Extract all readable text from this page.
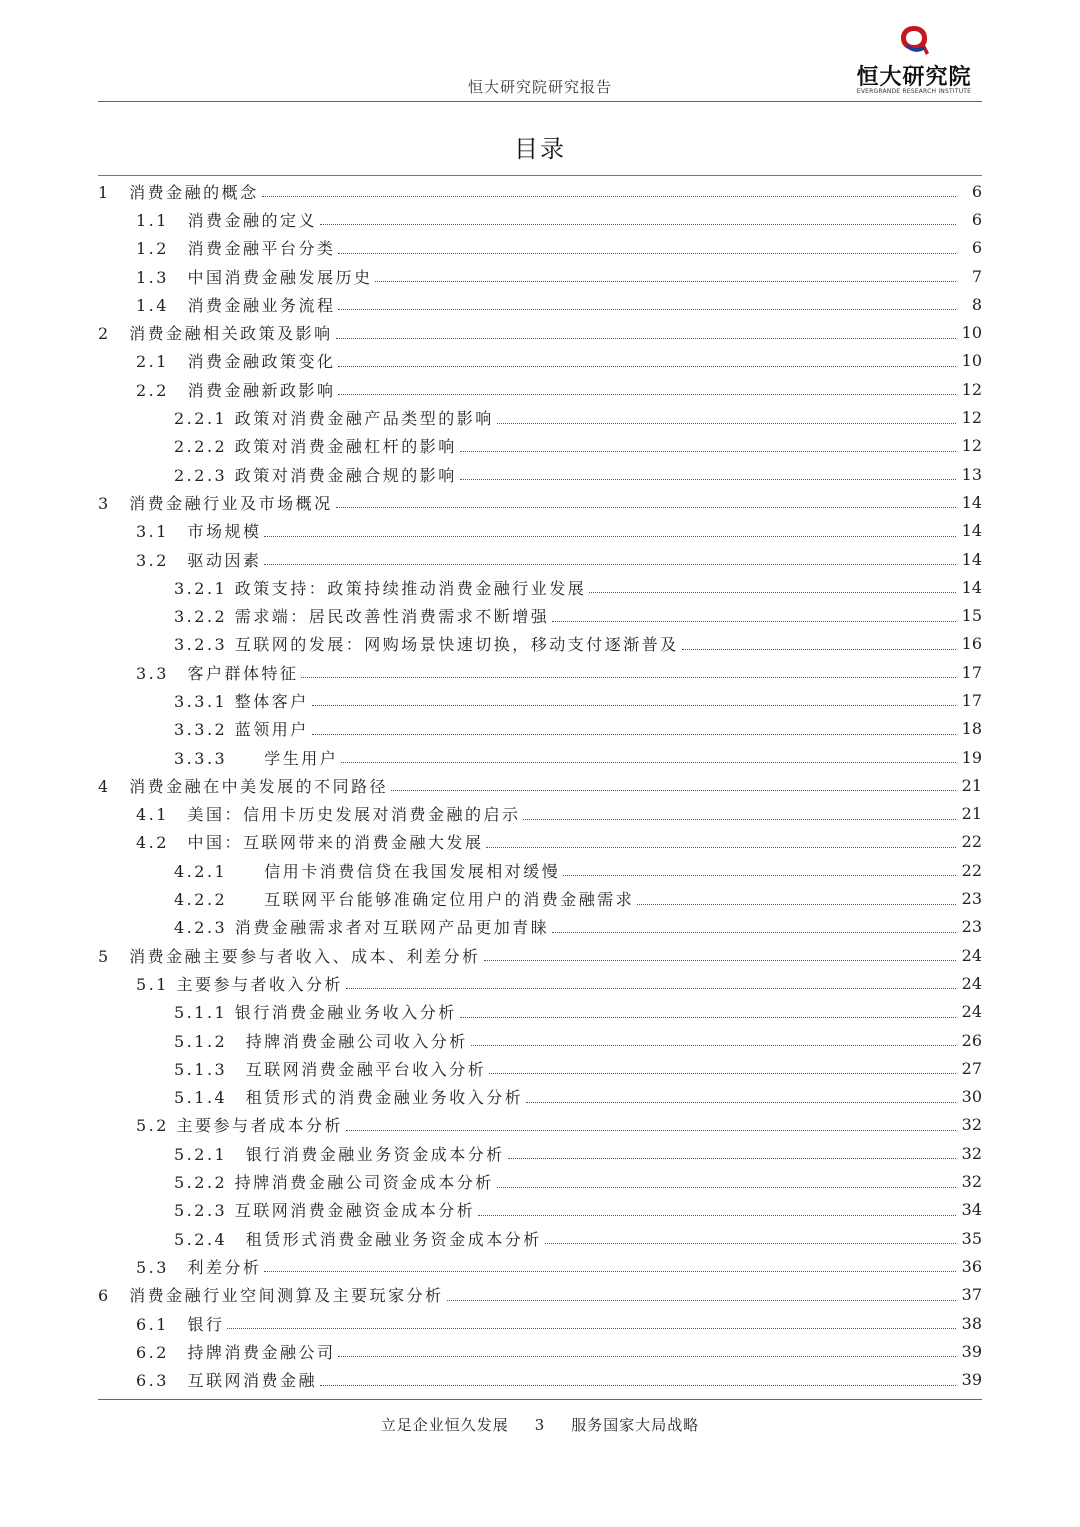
恒大研究院
EVERGRANDE RESEARCH INSTITUTE
恒大研究院研究报告
目录
1　消费金融的概念	6
1.1　消费金融的定义	6
1.2　消费金融平台分类	6
1.3　中国消费金融发展历史	7
1.4　消费金融业务流程	8
2　消费金融相关政策及影响	10
2.1　消费金融政策变化	10
2.2　消费金融新政影响	12
2.2.1 政策对消费金融产品类型的影响	12
2.2.2 政策对消费金融杠杆的影响	12
2.2.3 政策对消费金融合规的影响	13
3　消费金融行业及市场概况	14
3.1　市场规模	14
3.2　驱动因素	14
3.2.1 政策支持：政策持续推动消费金融行业发展	14
3.2.2 需求端：居民改善性消费需求不断增强	15
3.2.3 互联网的发展：网购场景快速切换，移动支付逐渐普及	16
3.3　客户群体特征	17
3.3.1 整体客户	17
3.3.2 蓝领用户	18
3.3.3　　学生用户	19
4　消费金融在中美发展的不同路径	21
4.1　美国：信用卡历史发展对消费金融的启示	21
4.2　中国：互联网带来的消费金融大发展	22
4.2.1　　信用卡消费信贷在我国发展相对缓慢	22
4.2.2　　互联网平台能够准确定位用户的消费金融需求	23
4.2.3 消费金融需求者对互联网产品更加青睐	23
5　消费金融主要参与者收入、成本、利差分析	24
5.1 主要参与者收入分析	24
5.1.1 银行消费金融业务收入分析	24
5.1.2　持牌消费金融公司收入分析	26
5.1.3　互联网消费金融平台收入分析	27
5.1.4　租赁形式的消费金融业务收入分析	30
5.2 主要参与者成本分析	32
5.2.1　银行消费金融业务资金成本分析	32
5.2.2 持牌消费金融公司资金成本分析	32
5.2.3 互联网消费金融资金成本分析	34
5.2.4　租赁形式消费金融业务资金成本分析	35
5.3　利差分析	36
6　消费金融行业空间测算及主要玩家分析	37
6.1　银行	38
6.2　持牌消费金融公司	39
6.3　互联网消费金融	39
立足企业恒久发展 3 服务国家大局战略
